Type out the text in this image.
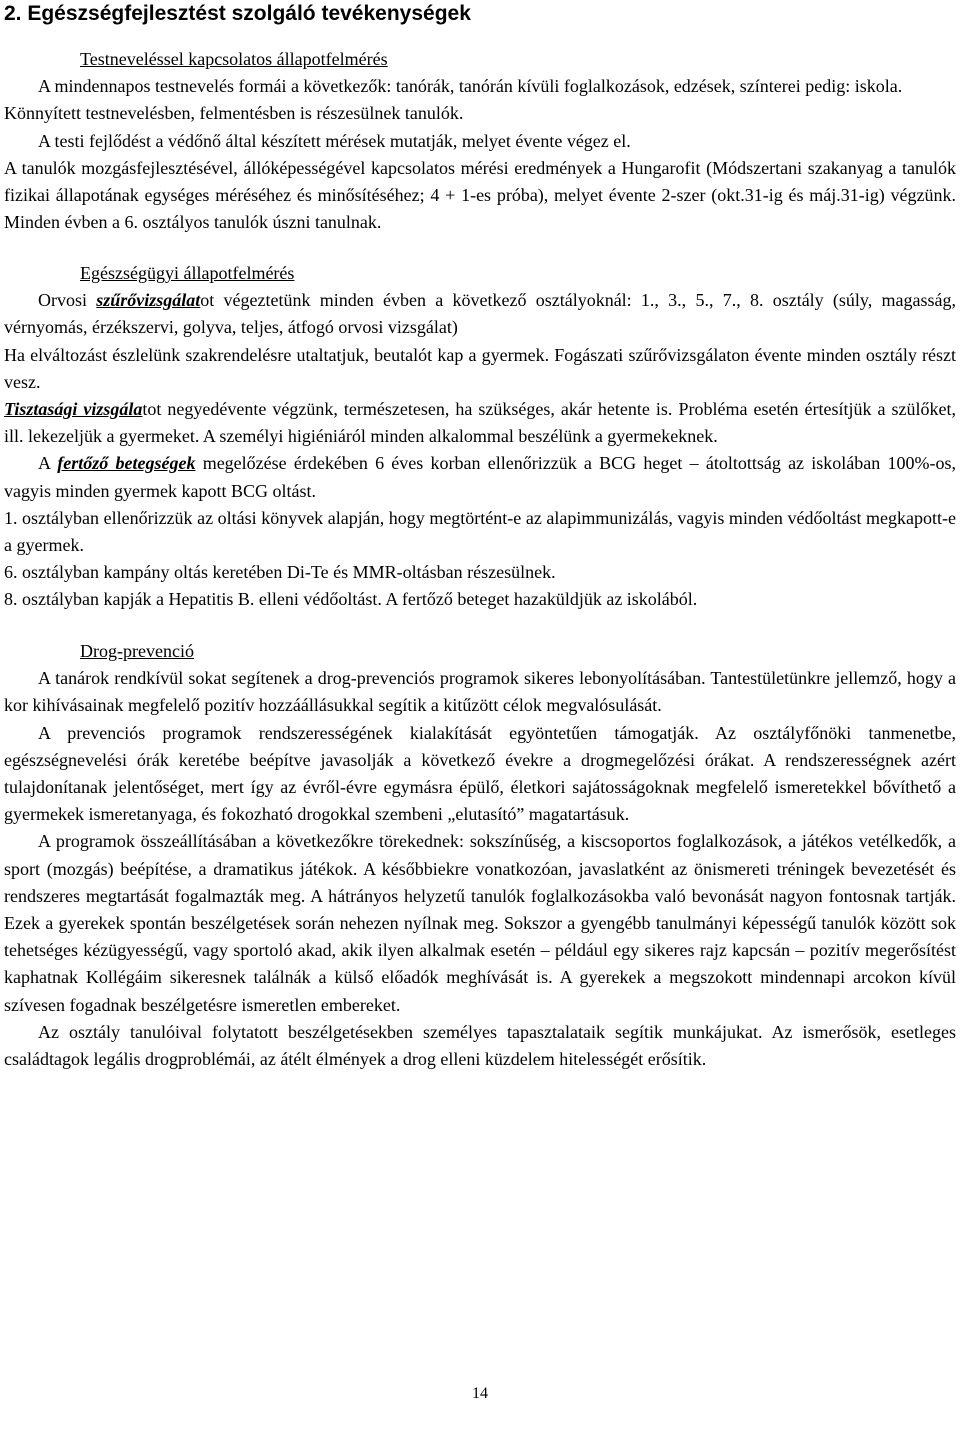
2. Egészségfejlesztést szolgáló tevékenységek

Testneveléssel kapcsolatos állapotfelmérés

A mindennapos testnevelés formái a következők: tanórák, tanórán kívüli foglalkozások, edzések, színterei pedig: iskola.

Könnyített testnevelésben, felmentésben is részesülnek tanulók.

A testi fejlődést a védőnő által készített mérések mutatják, melyet évente végez el.

A tanulók mozgásfejlesztésével, állóképességével kapcsolatos mérési eredmények a Hungarofit (Módszertani szakanyag a tanulók fizikai állapotának egységes méréséhez és minősítéséhez; 4 + 1-es próba), melyet évente 2-szer (okt.31-ig és máj.31-ig) végzünk. Minden évben a 6. osztályos tanulók úszni tanulnak.

Egészségügyi állapotfelmérés

Orvosi szűrővizsgálatot végeztetünk minden évben a következő osztályoknál: 1., 3., 5., 7., 8. osztály (súly, magasság, vérnyomás, érzékszervi, golyva, teljes, átfogó orvosi vizsgálat)

Ha elváltozást észlelünk szakrendelésre utaltatjuk, beutalót kap a gyermek. Fogászati szűrővizsgálaton évente minden osztály részt vesz.

Tisztasági vizsgálatot negyedévente végzünk, természetesen, ha szükséges, akár hetente is. Probléma esetén értesítjük a szülőket, ill. lekezeljük a gyermeket. A személyi higiéniáról minden alkalommal beszélünk a gyermekeknek.

A fertőző betegségek megelőzése érdekében 6 éves korban ellenőrizzük a BCG heget – átoltottság az iskolában 100%-os, vagyis minden gyermek kapott BCG oltást.

1. osztályban ellenőrizzük az oltási könyvek alapján, hogy megtörtént-e az alapimmunizálás, vagyis minden védőoltást megkapott-e a gyermek.

6. osztályban kampány oltás keretében Di-Te és MMR-oltásban részesülnek.

8. osztályban kapják a Hepatitis B. elleni védőoltást. A fertőző beteget hazaküldjük az iskolából.

Drog-prevenció

A tanárok rendkívül sokat segítenek a drog-prevenciós programok sikeres lebonyolításában. Tantestületünkre jellemző, hogy a kor kihívásainak megfelelő pozitív hozzáállásukkal segítik a kitűzött célok megvalósulását.

A prevenciós programok rendszerességének kialakítását egyöntetűen támogatják. Az osztályfőnöki tanmenetbe, egészségnevelési órák keretébe beépítve javasolják a következő évekre a drogmegelőzési órákat. A rendszerességnek azért tulajdonítanak jelentőséget, mert így az évről-évre egymásra épülő, életkori sajátosságoknak megfelelő ismeretekkel bővíthető a gyermekek ismeretanyaga, és fokozható drogokkal szembeni „elutasító” magatartásuk.

A programok összeállításában a következőkre törekednek: sokszínűség, a kiscsoportos foglalkozások, a játékos vetélkedők, a sport (mozgás) beépítése, a dramatikus játékok. A későbbiekre vonatkozóan, javaslatként az önismereti tréningek bevezetését és rendszeres megtartását fogalmazták meg. A hátrányos helyzetű tanulók foglalkozásokba való bevonását nagyon fontosnak tartják. Ezek a gyerekek spontán beszélgetések során nehezen nyílnak meg. Sokszor a gyengébb tanulmányi képességű tanulók között sok tehetséges kézügyességű, vagy sportoló akad, akik ilyen alkalmak esetén – például egy sikeres rajz kapcsán – pozitív megerősítést kaphatnak Kollégáim sikeresnek találnák a külső előadók meghívását is. A gyerekek a megszokott mindennapi arcokon kívül szívesen fogadnak beszélgetésre ismeretlen embereket.

Az osztály tanulóival folytatott beszélgetésekben személyes tapasztalataik segítik munkájukat. Az ismerősök, esetleges családtagok legális drogproblémái, az átélt élmények a drog elleni küzdelem hitelességét erősítik.

14
